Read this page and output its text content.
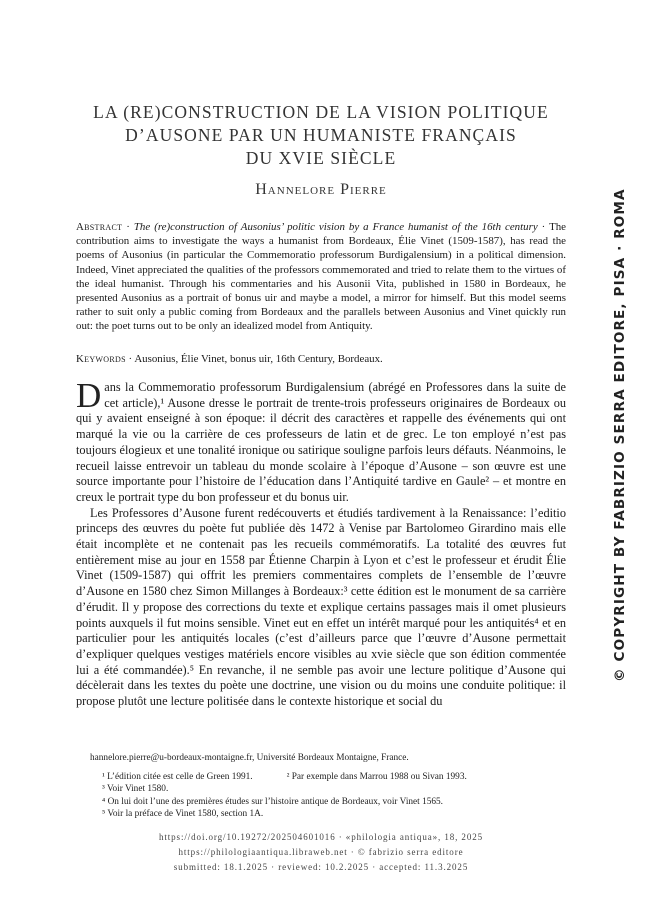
LA (RE)CONSTRUCTION DE LA VISION POLITIQUE
D’AUSONE PAR UN HUMANISTE FRANÇAIS
DU XVIE SIÈCLE
Hannelore Pierre
Abstract · The (re)construction of Ausonius’ politic vision by a France humanist of the 16th century · The contribution aims to investigate the ways a humanist from Bordeaux, Élie Vinet (1509-1587), has read the poems of Ausonius (in particular the Commemoratio professorum Burdigalensium) in a political dimension. Indeed, Vinet appreciated the qualities of the professors commemorated and tried to relate them to the virtues of the ideal humanist. Through his commentaries and his Ausonii Vita, published in 1580 in Bordeaux, he presented Ausonius as a portrait of bonus uir and maybe a model, a mirror for himself. But this model seems rather to suit only a public coming from Bordeaux and the parallels between Ausonius and Vinet quickly run out: the poet turns out to be only an idealized model from Antiquity.
Keywords · Ausonius, Élie Vinet, bonus uir, 16th Century, Bordeaux.

Dans la Commemoratio professorum Burdigalensium (abrégé en Professores dans la suite de cet article),¹ Ausone dresse le portrait de trente-trois professeurs originaires de Bordeaux ou qui y avaient enseigné à son époque: il décrit des caractères et rappelle des événements qui ont marqué la vie ou la carrière de ces professeurs de latin et de grec. Le ton employé n’est pas toujours élogieux et une tonalité ironique ou satirique souligne parfois leurs défauts. Néanmoins, le recueil laisse entrevoir un tableau du monde scolaire à l’époque d’Ausone – son œuvre est une source importante pour l’histoire de l’éducation dans l’Antiquité tardive en Gaule² – et montre en creux le portrait type du bon professeur et du bonus uir.

Les Professores d’Ausone furent redécouverts et étudiés tardivement à la Renaissance: l’editio princeps des œuvres du poète fut publiée dès 1472 à Venise par Bartolomeo Girardino mais elle était incomplète et ne contenait pas les recueils commémoratifs. La totalité des œuvres fut entièrement mise au jour en 1558 par Étienne Charpin à Lyon et c’est le professeur et érudit Élie Vinet (1509-1587) qui offrit les premiers commentaires complets de l’ensemble de l’œuvre d’Ausone en 1580 chez Simon Millanges à Bordeaux:³ cette édition est le monument de sa carrière d’érudit. Il y propose des corrections du texte et explique certains passages mais il omet plusieurs points auxquels il fut moins sensible. Vinet eut en effet un intérêt marqué pour les antiquités⁴ et en particulier pour les antiquités locales (c’est d’ailleurs parce que l’œuvre d’Ausone permettait d’expliquer quelques vestiges matériels encore visibles au xvie siècle que son édition commentée lui a été commandée).⁵ En revanche, il ne semble pas avoir une lecture politique d’Ausone qui décèlerait dans les textes du poète une doctrine, une vision ou du moins une conduite politique: il propose plutôt une lecture politisée dans le contexte historique et social du

hannelore.pierre@u-bordeaux-montaigne.fr, Université Bordeaux Montaigne, France.
¹ L’édition citée est celle de Green 1991.	² Par exemple dans Marrou 1988 ou Sivan 1993.
³ Voir Vinet 1580.
⁴ On lui doit l’une des premières études sur l’histoire antique de Bordeaux, voir Vinet 1565.
⁵ Voir la préface de Vinet 1580, section 1A.
https://doi.org/10.19272/202504601016 · «philologia antiqua», 18, 2025
https://philologiaantiqua.libraweb.net · © fabrizio serra editore
submitted: 18.1.2025 · reviewed: 10.2.2025 · accepted: 11.3.2025
© COPYRIGHT BY FABRIZIO SERRA EDITORE, PISA · ROMA
